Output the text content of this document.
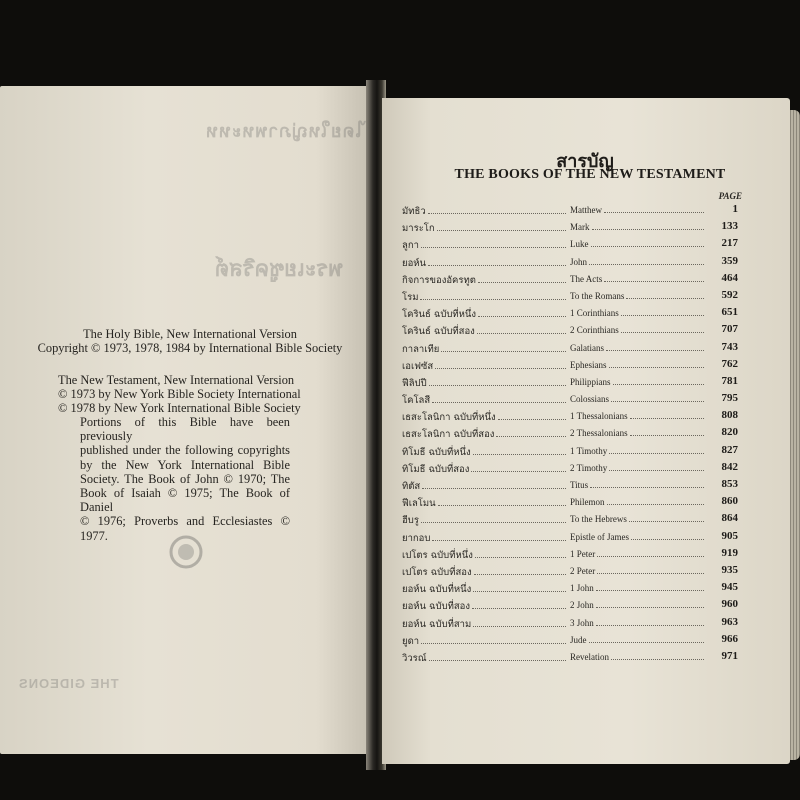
ไดยใหญ่ภาพหะหห
พระเยซูคริสต์
THE GIDEONS
The Holy Bible, New International Version
Copyright © 1973, 1978, 1984 by International Bible Society
The New Testament, New International Version
© 1973 by New York Bible Society International
© 1978 by New York International Bible Society
Portions of this Bible have been previously
published under the following copyrights
by the New York International Bible
Society. The Book of John © 1970; The
Book of Isaiah © 1975; The Book of Daniel
© 1976; Proverbs and Ecclesiastes © 1977.
สารบัญ
THE BOOKS OF THE NEW TESTAMENT
PAGE
มัทธิว	Matthew	1
มาระโก	Mark	133
ลูกา	Luke	217
ยอห์น	John	359
กิจการของอัครทูต	The Acts	464
โรม	To the Romans	592
โครินธ์ ฉบับที่หนึ่ง	1 Corinthians	651
โครินธ์ ฉบับที่สอง	2 Corinthians	707
กาลาเทีย	Galatians	743
เอเฟซัส	Ephesians	762
ฟีลิปปี	Philippians	781
โคโลสี	Colossians	795
เธสะโลนิกา ฉบับที่หนึ่ง	1 Thessalonians	808
เธสะโลนิกา ฉบับที่สอง	2 Thessalonians	820
ทิโมธี ฉบับที่หนึ่ง	1 Timothy	827
ทิโมธี ฉบับที่สอง	2 Timothy	842
ทิตัส	Titus	853
ฟีเลโมน	Philemon	860
ฮีบรู	To the Hebrews	864
ยากอบ	Epistle of James	905
เปโตร ฉบับที่หนึ่ง	1 Peter	919
เปโตร ฉบับที่สอง	2 Peter	935
ยอห์น ฉบับที่หนึ่ง	1 John	945
ยอห์น ฉบับที่สอง	2 John	960
ยอห์น ฉบับที่สาม	3 John	963
ยูดา	Jude	966
วิวรณ์	Revelation	971
